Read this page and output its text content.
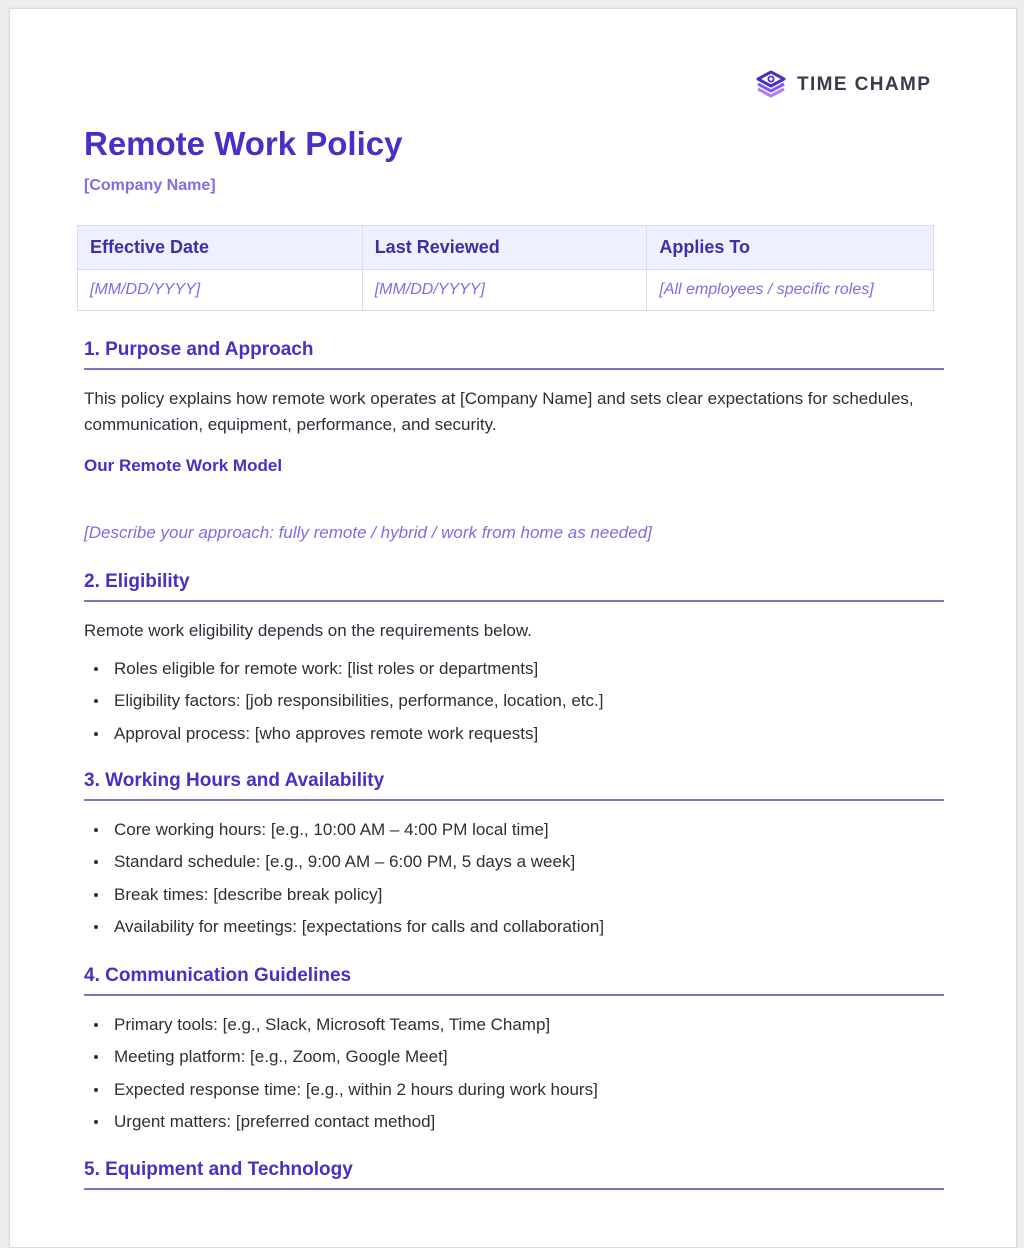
TIME CHAMP
Remote Work Policy
[Company Name]
Effective Date	Last Reviewed	Applies To
[MM/DD/YYYY]	[MM/DD/YYYY]	[All employees / specific roles]
1. Purpose and Approach

This policy explains how remote work operates at [Company Name] and sets clear expectations for schedules, communication, equipment, performance, and security.

Our Remote Work Model
[Describe your approach: fully remote / hybrid / work from home as needed]
2. Eligibility

Remote work eligibility depends on the requirements below.

Roles eligible for remote work: [list roles or departments]
Eligibility factors: [job responsibilities, performance, location, etc.]
Approval process: [who approves remote work requests]
3. Working Hours and Availability
Core working hours: [e.g., 10:00 AM – 4:00 PM local time]
Standard schedule: [e.g., 9:00 AM – 6:00 PM, 5 days a week]
Break times: [describe break policy]
Availability for meetings: [expectations for calls and collaboration]
4. Communication Guidelines
Primary tools: [e.g., Slack, Microsoft Teams, Time Champ]
Meeting platform: [e.g., Zoom, Google Meet]
Expected response time: [e.g., within 2 hours during work hours]
Urgent matters: [preferred contact method]
5. Equipment and Technology
